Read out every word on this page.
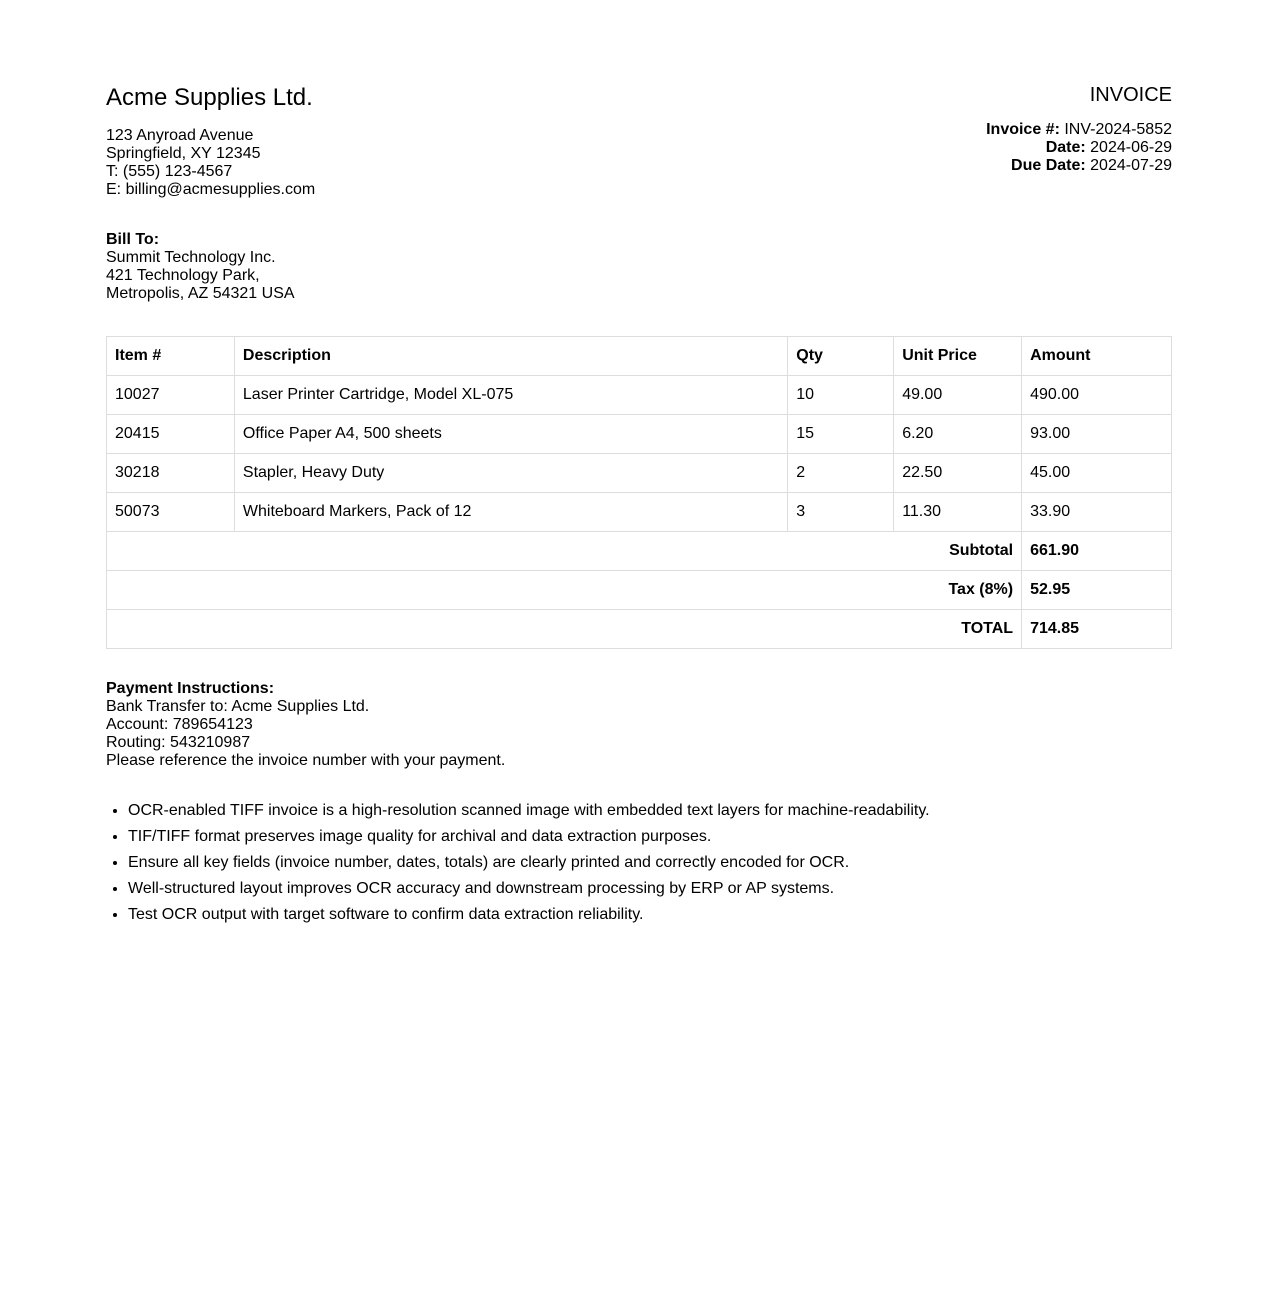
Acme Supplies Ltd.
123 Anyroad Avenue
Springfield, XY 12345
T: (555) 123-4567
E: billing@acmesupplies.com
INVOICE
Invoice #: INV-2024-5852
Date: 2024-06-29
Due Date: 2024-07-29
Bill To:
Summit Technology Inc.
421 Technology Park,
Metropolis, AZ 54321 USA
Item #	Description	Qty	Unit Price	Amount
10027	Laser Printer Cartridge, Model XL-075	10	49.00	490.00
20415	Office Paper A4, 500 sheets	15	6.20	93.00
30218	Stapler, Heavy Duty	2	22.50	45.00
50073	Whiteboard Markers, Pack of 12	3	11.30	33.90
Subtotal				661.90
Tax (8%)				52.95
TOTAL				714.85
Payment Instructions:
Bank Transfer to: Acme Supplies Ltd.
Account: 789654123
Routing: 543210987
Please reference the invoice number with your payment.
• OCR-enabled TIFF invoice is a high-resolution scanned image with embedded text layers for machine-readability.
• TIF/TIFF format preserves image quality for archival and data extraction purposes.
• Ensure all key fields (invoice number, dates, totals) are clearly printed and correctly encoded for OCR.
• Well-structured layout improves OCR accuracy and downstream processing by ERP or AP systems.
• Test OCR output with target software to confirm data extraction reliability.
